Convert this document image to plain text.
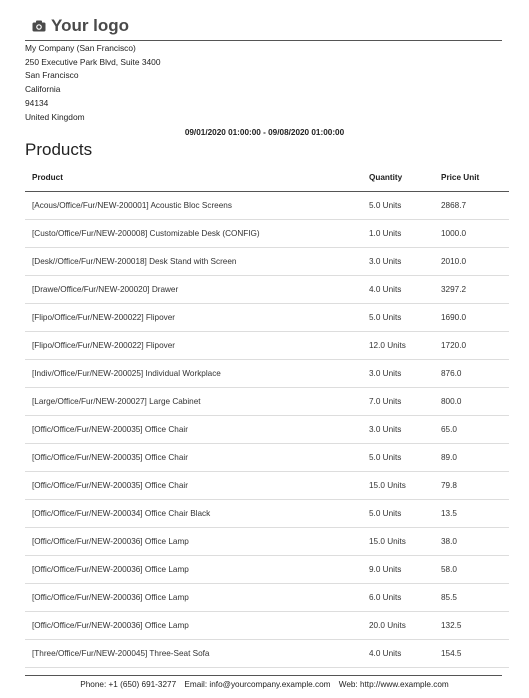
Your logo
My Company (San Francisco)
250 Executive Park Blvd, Suite 3400
San Francisco
California
94134
United Kingdom
09/01/2020 01:00:00 - 09/08/2020 01:00:00
Products
Product	Quantity	Price Unit
[Acous/Office/Fur/NEW-200001] Acoustic Bloc Screens	5.0 Units	2868.7
[Custo/Office/Fur/NEW-200008] Customizable Desk (CONFIG)	1.0 Units	1000.0
[Desk//Office/Fur/NEW-200018] Desk Stand with Screen	3.0 Units	2010.0
[Drawe/Office/Fur/NEW-200020] Drawer	4.0 Units	3297.2
[Flipo/Office/Fur/NEW-200022] Flipover	5.0 Units	1690.0
[Flipo/Office/Fur/NEW-200022] Flipover	12.0 Units	1720.0
[Indiv/Office/Fur/NEW-200025] Individual Workplace	3.0 Units	876.0
[Large/Office/Fur/NEW-200027] Large Cabinet	7.0 Units	800.0
[Offic/Office/Fur/NEW-200035] Office Chair	3.0 Units	65.0
[Offic/Office/Fur/NEW-200035] Office Chair	5.0 Units	89.0
[Offic/Office/Fur/NEW-200035] Office Chair	15.0 Units	79.8
[Offic/Office/Fur/NEW-200034] Office Chair Black	5.0 Units	13.5
[Offic/Office/Fur/NEW-200036] Office Lamp	15.0 Units	38.0
[Offic/Office/Fur/NEW-200036] Office Lamp	9.0 Units	58.0
[Offic/Office/Fur/NEW-200036] Office Lamp	6.0 Units	85.5
[Offic/Office/Fur/NEW-200036] Office Lamp	20.0 Units	132.5
[Three/Office/Fur/NEW-200045] Three-Seat Sofa	4.0 Units	154.5
Phone: +1 (650) 691-3277 Email: info@yourcompany.example.com Web: http://www.example.com
